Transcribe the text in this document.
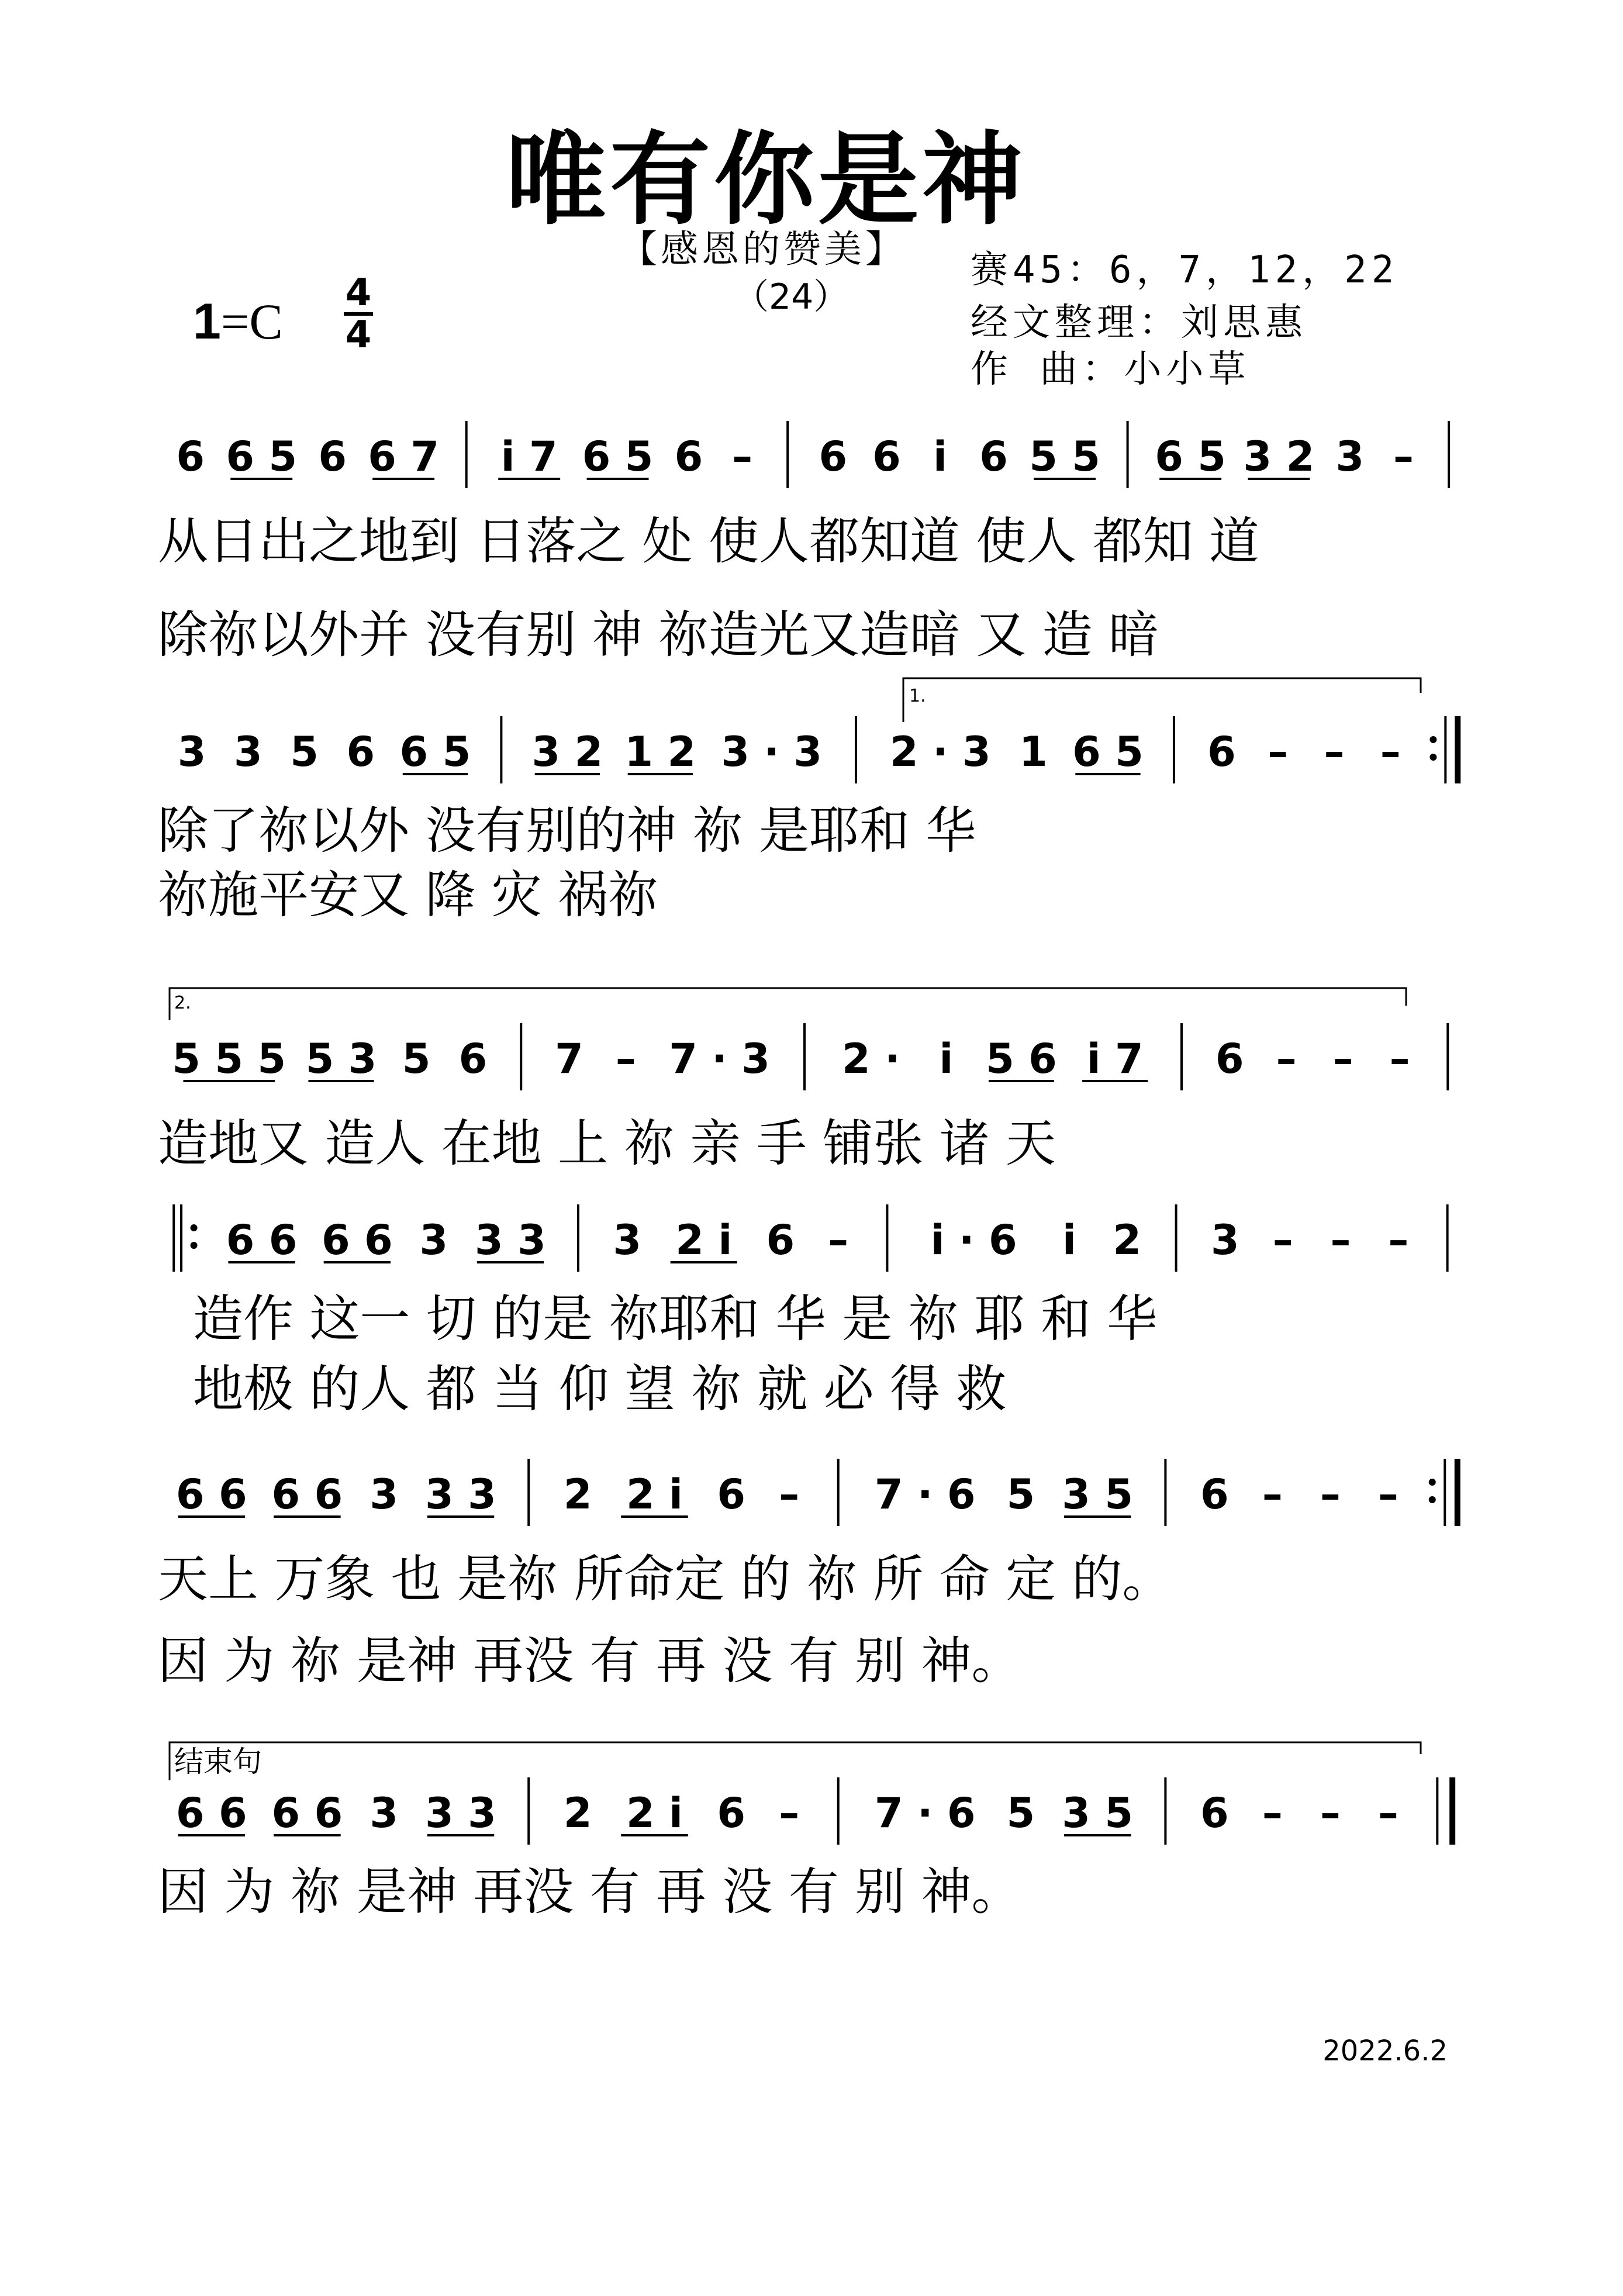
唯有你是神
【感恩的赞美】
（24）
1=C
4
4
赛45：6，7，12，22
经文整理：刘思惠
作 曲：小小草
6 6 5 6 6 7 i 7 6 5 6 – 6 6 i 6 5 5 6 5 3 2 3 –
从日出之地到 日落之 处 使人都知道 使人 都知 道
除祢以外并 没有别 神 祢造光又造暗 又 造 暗
3 3 5 6 6 5 3 2 1 2 3 · 3 2 · 3 1 6 5 6 – – –
除了祢以外 没有别的神 祢 是耶和 华
祢施平安又 降 灾 祸祢
5 5 5 5 3 5 6 7 – 7 · 3 2 · i 5 6 i 7 6 – – –
造地又 造人 在地 上 祢 亲 手 铺张 诸 天
6 6 6 6 3 3 3 3 2 i 6 – i · 6 i 2 3 – – –
造作 这一 切 的是 祢耶和 华 是 祢 耶 和 华
地极 的人 都 当 仰 望 祢 就 必 得 救
6 6 6 6 3 3 3 2 2 i 6 – 7 · 6 5 3 5 6 – – –
天上 万象 也 是祢 所命定 的 祢 所 命 定 的。
因 为 祢 是神 再没 有 再 没 有 别 神。
6 6 6 6 3 3 3 2 2 i 6 – 7 · 6 5 3 5 6 – – –
因 为 祢 是神 再没 有 再 没 有 别 神。
1.
2.
结束句
2022.6.2
